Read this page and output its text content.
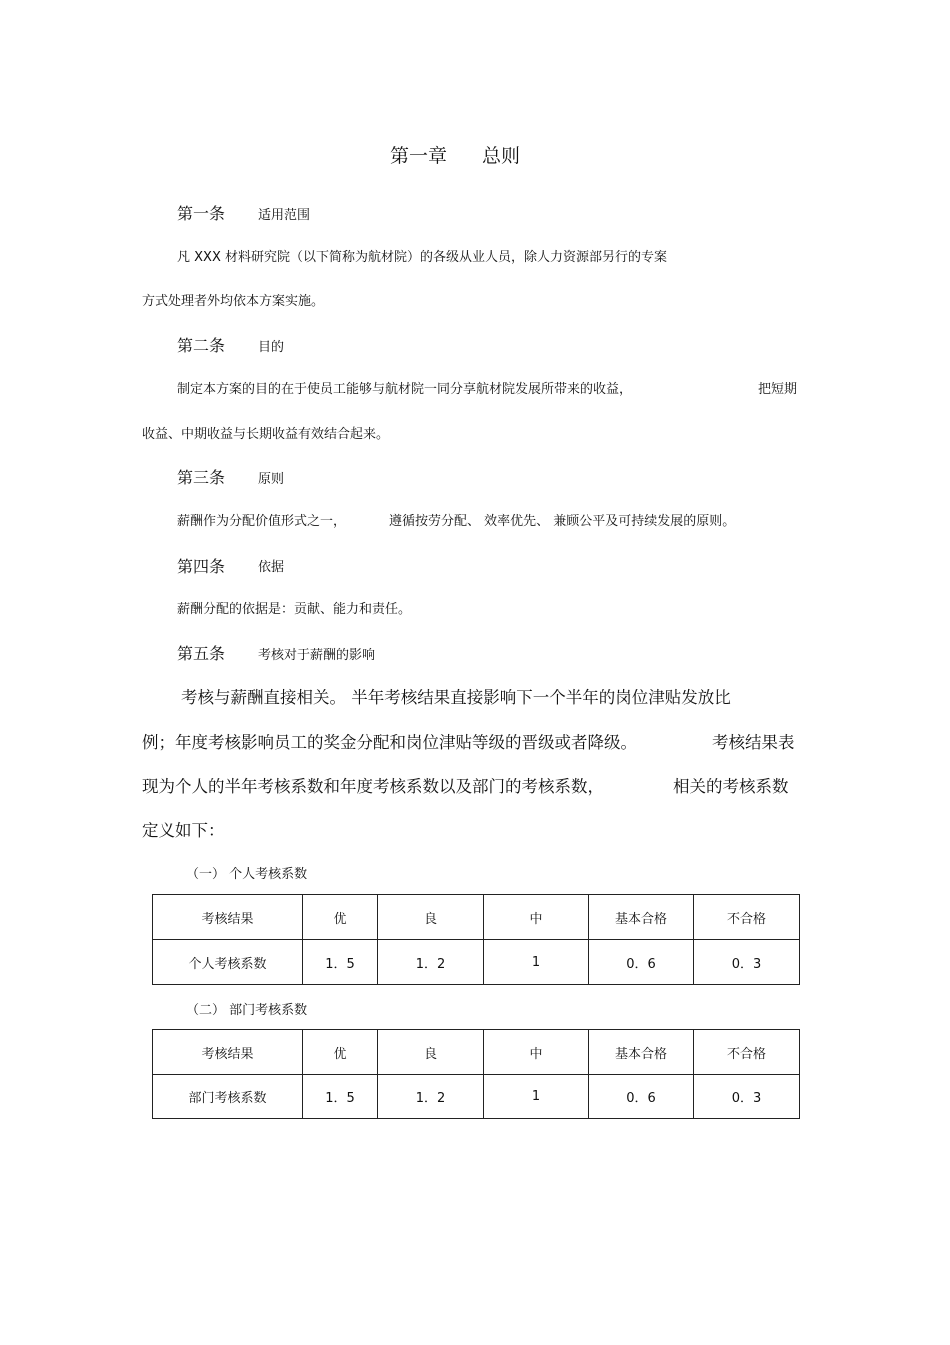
第一章 总则
第一条	适用范围
凡 XXX 材料研究院（以下简称为航材院）的各级从业人员，除人力资源部另行的专案
方式处理者外均依本方案实施。
第二条	目的
制定本方案的目的在于使员工能够与航材院一同分享航材院发展所带来的收益，	把短期
收益、中期收益与长期收益有效结合起来。
第三条	原则
薪酬作为分配价值形式之一，	遵循按劳分配、 效率优先、 兼顾公平及可持续发展的原则。
第四条	依据
薪酬分配的依据是：贡献、能力和责任。
第五条	考核对于薪酬的影响
考核与薪酬直接相关。 半年考核结果直接影响下一个半年的岗位津贴发放比
例；年度考核影响员工的奖金分配和岗位津贴等级的晋级或者降级。	考核结果表
现为个人的半年考核系数和年度考核系数以及部门的考核系数，	相关的考核系数
定义如下：
（一） 个人考核系数
考核结果	优	良	中	基本合格	不合格
个人考核系数	1．5	1．2	1	0．6	0．3
（二） 部门考核系数
考核结果	优	良	中	基本合格	不合格
部门考核系数	1．5	1．2	1	0．6	0．3
